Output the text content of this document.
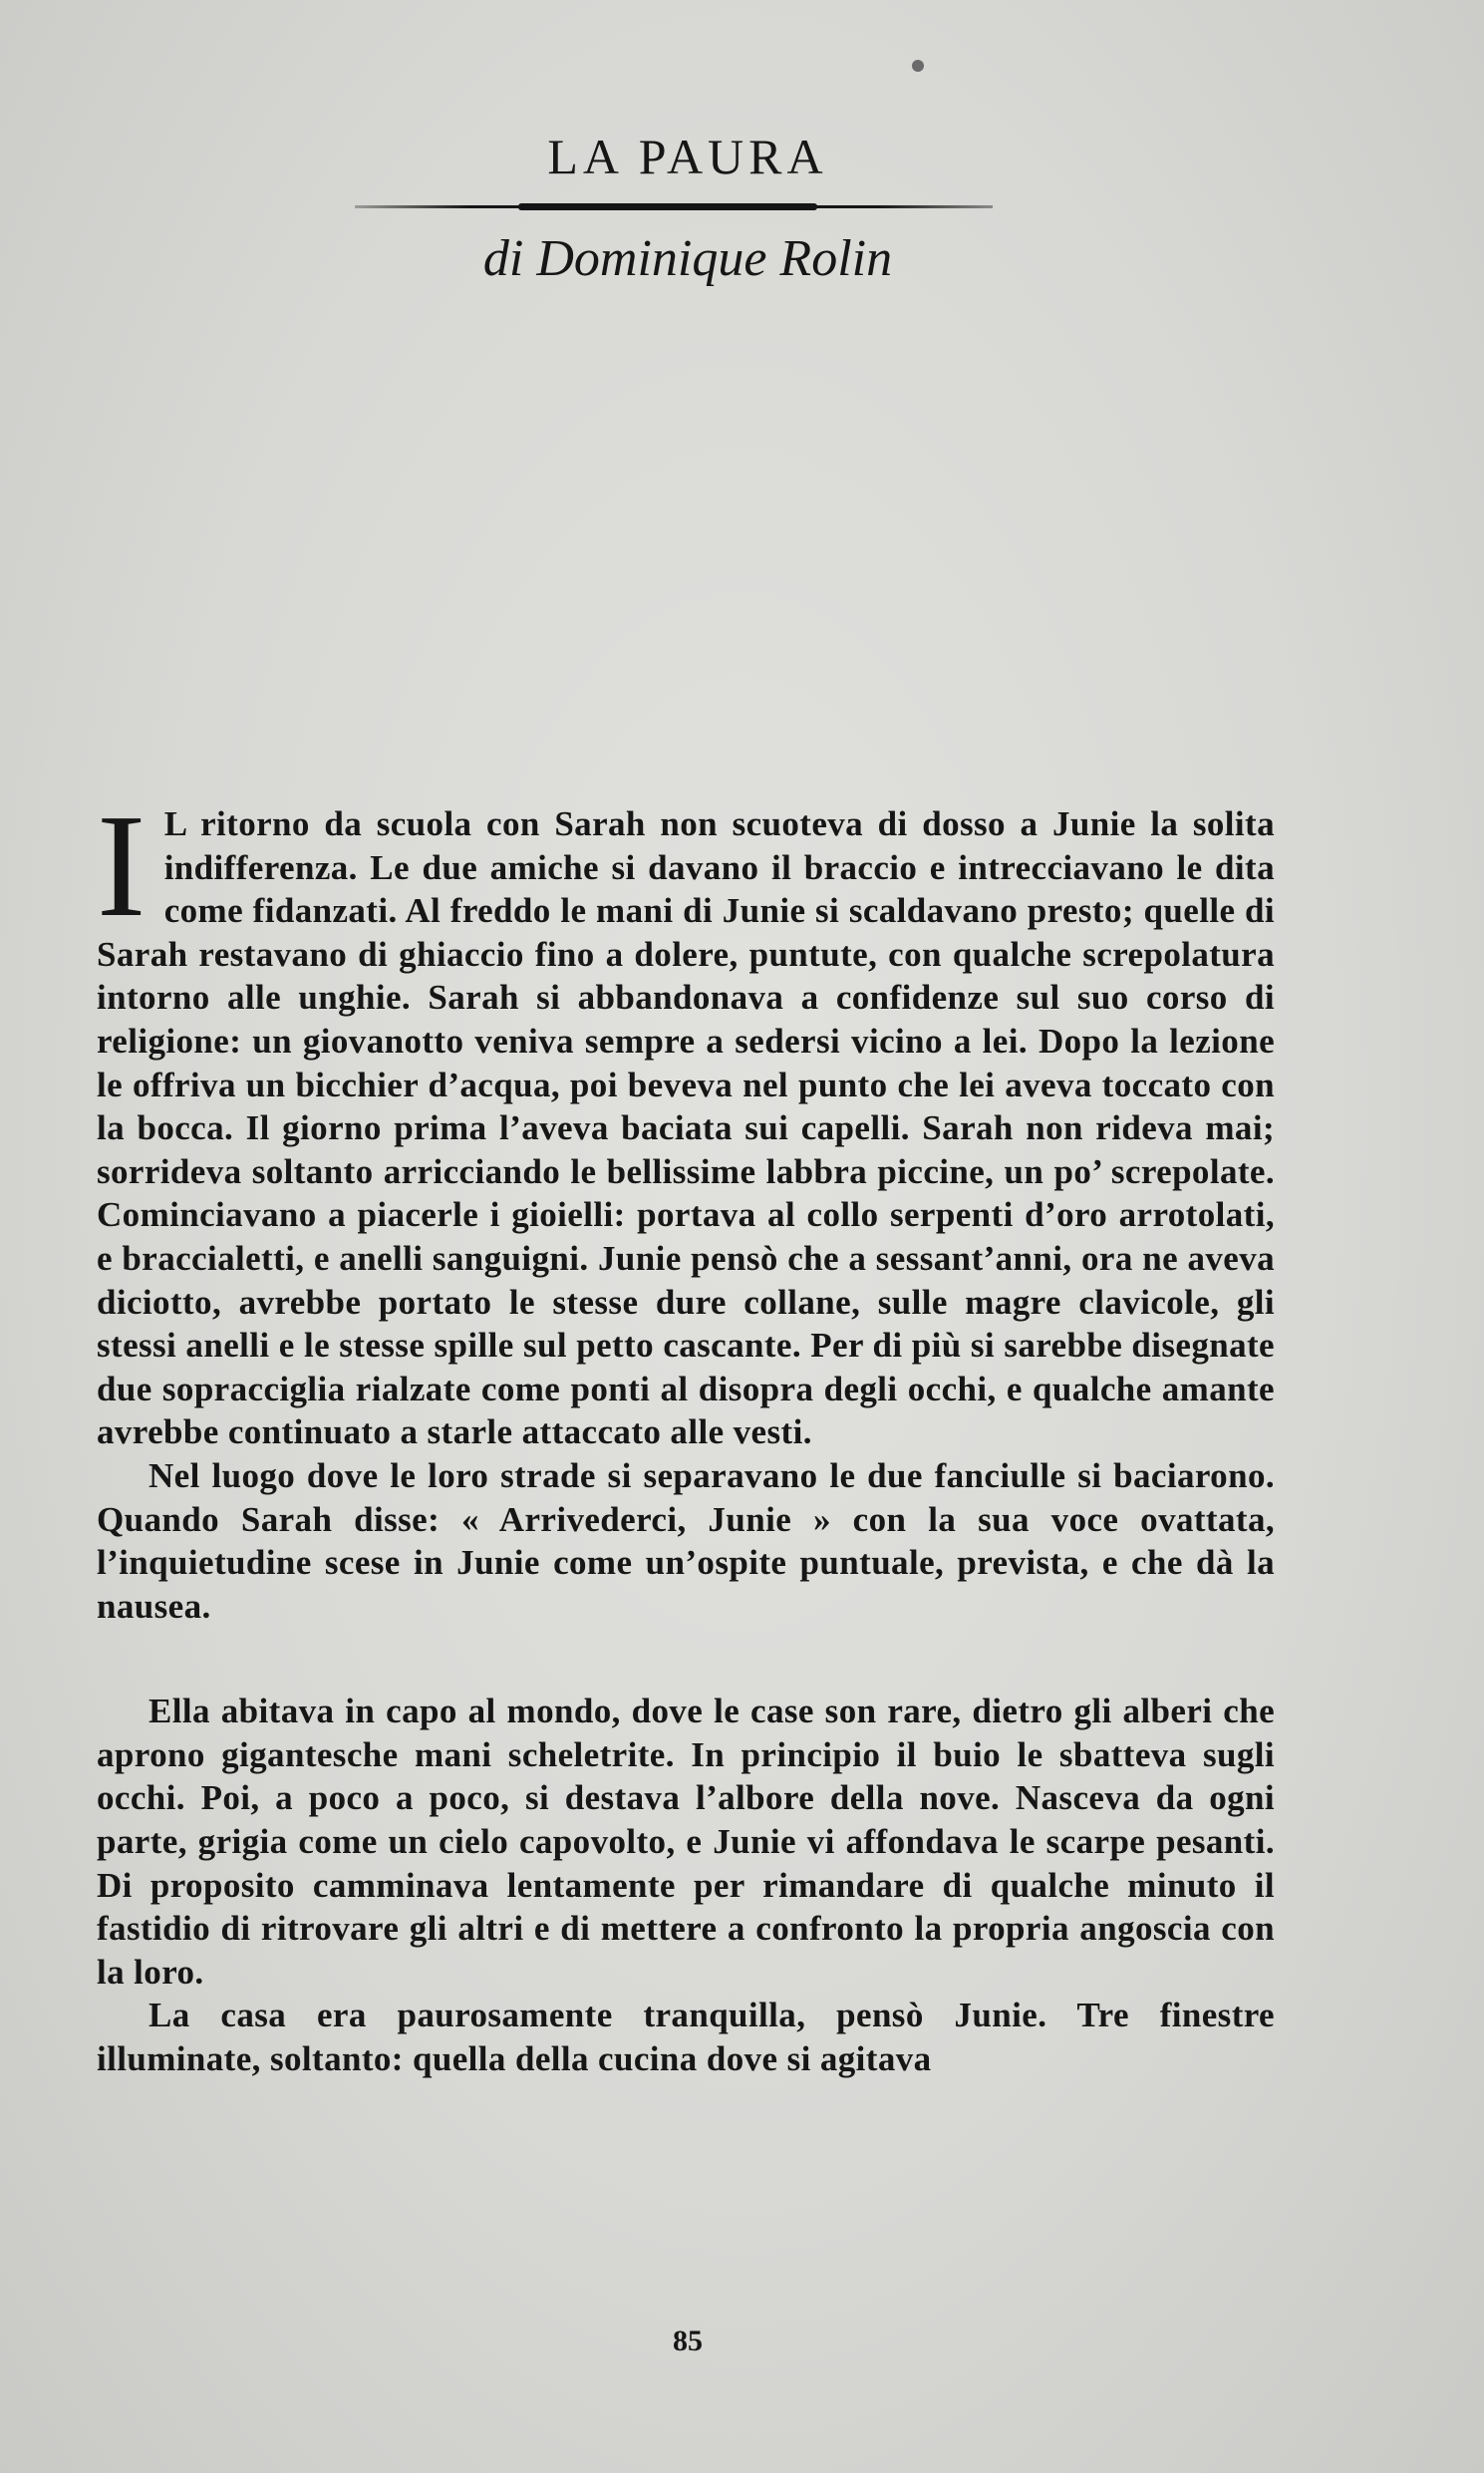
LA PAURA
di Dominique Rolin

I L ritorno da scuola con Sarah non scuoteva di dosso a Junie la solita indifferenza. Le due amiche si davano il braccio e intrecciavano le dita come fidanzati. Al freddo le mani di Junie si scaldavano presto; quelle di Sarah restavano di ghiaccio fino a dolere, puntute, con qualche screpolatura intorno alle unghie. Sarah si abbandonava a confidenze sul suo corso di religione: un giovanotto veniva sempre a sedersi vicino a lei. Dopo la lezione le offriva un bicchier d’acqua, poi beveva nel punto che lei aveva toccato con la bocca. Il giorno prima l’aveva baciata sui capelli. Sarah non rideva mai; sorrideva soltanto arricciando le bellissime labbra piccine, un po’ screpolate. Cominciavano a piacerle i gioielli: portava al collo serpenti d’oro arrotolati, e braccialetti, e anelli sanguigni. Junie pensò che a sessant’anni, ora ne aveva diciotto, avrebbe portato le stesse dure collane, sulle magre clavicole, gli stessi anelli e le stesse spille sul petto cascante. Per di più si sarebbe disegnate due sopracciglia rialzate come ponti al disopra degli occhi, e qualche amante avrebbe continuato a starle attaccato alle vesti.

Nel luogo dove le loro strade si separavano le due fanciulle si baciarono. Quando Sarah disse: « Arrivederci, Junie » con la sua voce ovattata, l’inquietudine scese in Junie come un’ospite puntuale, prevista, e che dà la nausea.

Ella abitava in capo al mondo, dove le case son rare, dietro gli alberi che aprono gigantesche mani scheletrite. In principio il buio le sbatteva sugli occhi. Poi, a poco a poco, si destava l’albore della nove. Nasceva da ogni parte, grigia come un cielo capovolto, e Junie vi affondava le scarpe pesanti. Di proposito camminava lentamente per rimandare di qualche minuto il fastidio di ritrovare gli altri e di mettere a confronto la propria angoscia con la loro.

La casa era paurosamente tranquilla, pensò Junie. Tre finestre illuminate, soltanto: quella della cucina dove si agitava

85
